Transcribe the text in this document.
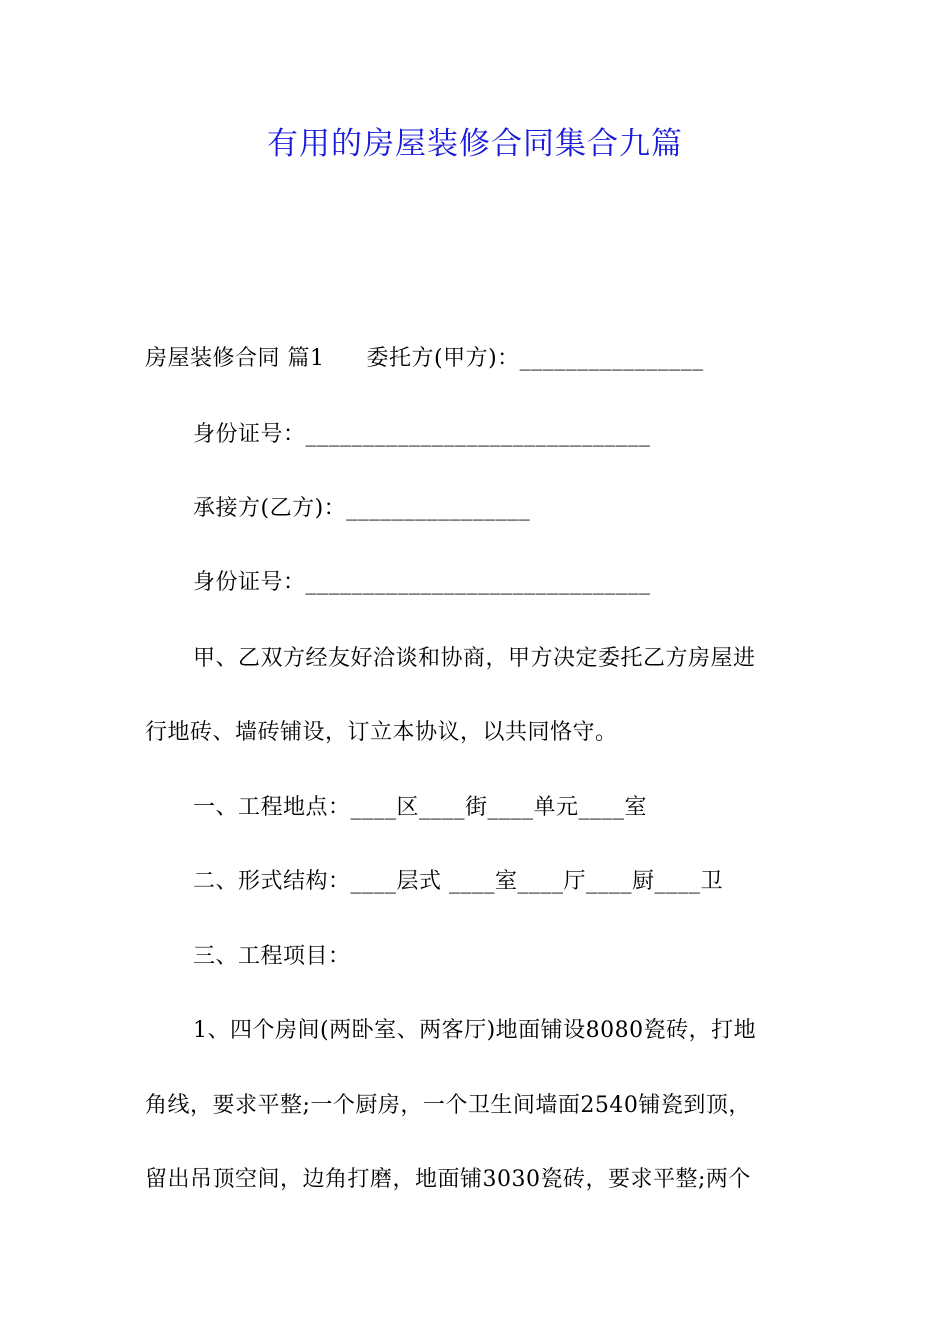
有用的房屋装修合同集合九篇
房屋装修合同 篇1 委托方(甲方)：________________
身份证号：______________________________
承接方(乙方)：________________
身份证号：______________________________
甲、乙双方经友好洽谈和协商，甲方决定委托乙方房屋进
行地砖、墙砖铺设，订立本协议，以共同恪守。
一、工程地点：____区____街____单元____室
二、形式结构：____层式 ____室____厅____厨____卫
三、工程项目：
1、四个房间(两卧室、两客厅)地面铺设8080瓷砖，打地
角线，要求平整;一个厨房，一个卫生间墙面2540铺瓷到顶，
留出吊顶空间，边角打磨，地面铺3030瓷砖，要求平整;两个
